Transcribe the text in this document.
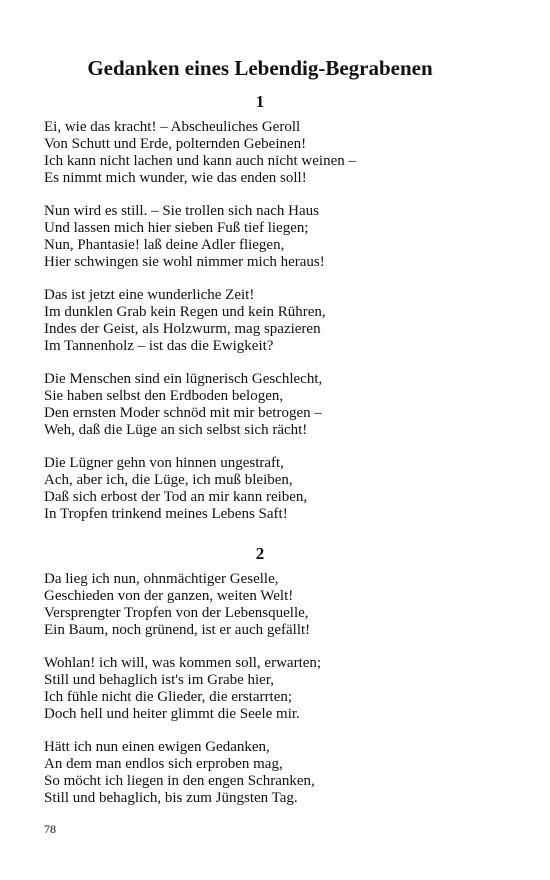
Gedanken eines Lebendig-Begrabenen
1
Ei, wie das kracht! – Abscheuliches Geroll
Von Schutt und Erde, polternden Gebeinen!
Ich kann nicht lachen und kann auch nicht weinen –
Es nimmt mich wunder, wie das enden soll!
Nun wird es still. – Sie trollen sich nach Haus
Und lassen mich hier sieben Fuß tief liegen;
Nun, Phantasie! laß deine Adler fliegen,
Hier schwingen sie wohl nimmer mich heraus!
Das ist jetzt eine wunderliche Zeit!
Im dunklen Grab kein Regen und kein Rühren,
Indes der Geist, als Holzwurm, mag spazieren
Im Tannenholz – ist das die Ewigkeit?
Die Menschen sind ein lügnerisch Geschlecht,
Sie haben selbst den Erdboden belogen,
Den ernsten Moder schnöd mit mir betrogen –
Weh, daß die Lüge an sich selbst sich rächt!
Die Lügner gehn von hinnen ungestraft,
Ach, aber ich, die Lüge, ich muß bleiben,
Daß sich erbost der Tod an mir kann reiben,
In Tropfen trinkend meines Lebens Saft!
2
Da lieg ich nun, ohnmächtiger Geselle,
Geschieden von der ganzen, weiten Welt!
Versprengter Tropfen von der Lebensquelle,
Ein Baum, noch grünend, ist er auch gefällt!
Wohlan! ich will, was kommen soll, erwarten;
Still und behaglich ist's im Grabe hier,
Ich fühle nicht die Glieder, die erstarrten;
Doch hell und heiter glimmt die Seele mir.
Hätt ich nun einen ewigen Gedanken,
An dem man endlos sich erproben mag,
So möcht ich liegen in den engen Schranken,
Still und behaglich, bis zum Jüngsten Tag.
78
